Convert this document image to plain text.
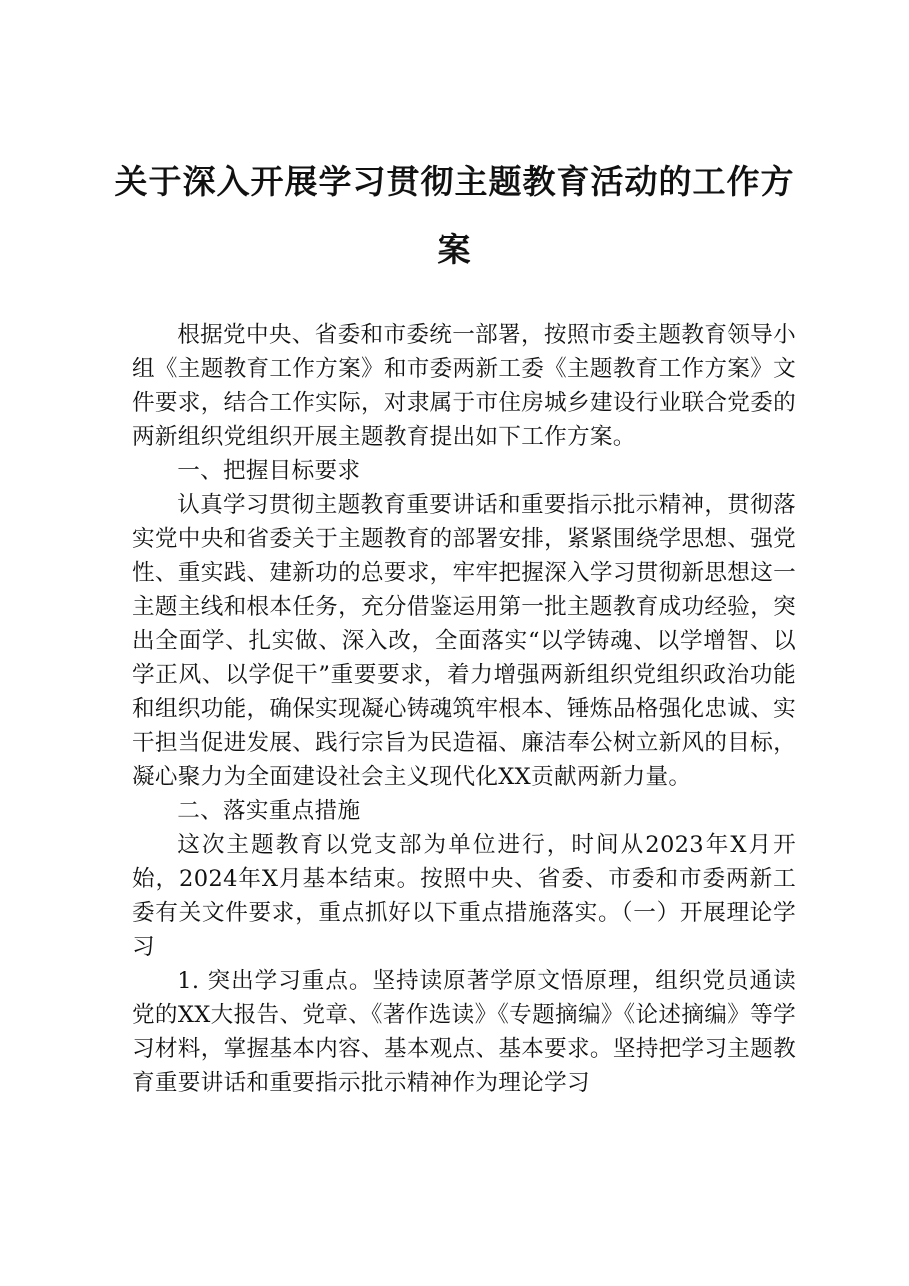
关于深入开展学习贯彻主题教育活动的工作方
案

根据党中央、省委和市委统一部署，按照市委主题教育领导小组《主题教育工作方案》和市委两新工委《主题教育工作方案》文件要求，结合工作实际，对隶属于市住房城乡建设行业联合党委的两新组织党组织开展主题教育提出如下工作方案。

一、把握目标要求

认真学习贯彻主题教育重要讲话和重要指示批示精神，贯彻落实党中央和省委关于主题教育的部署安排，紧紧围绕学思想、强党性、重实践、建新功的总要求，牢牢把握深入学习贯彻新思想这一主题主线和根本任务，充分借鉴运用第一批主题教育成功经验，突出全面学、扎实做、深入改，全面落实“以学铸魂、以学增智、以学正风、以学促干”重要要求，着力增强两新组织党组织政治功能和组织功能，确保实现凝心铸魂筑牢根本、锤炼品格强化忠诚、实干担当促进发展、践行宗旨为民造福、廉洁奉公树立新风的目标，凝心聚力为全面建设社会主义现代化XX贡献两新力量。

二、落实重点措施

这次主题教育以党支部为单位进行，时间从2023年X月开始，2024年X月基本结束。按照中央、省委、市委和市委两新工委有关文件要求，重点抓好以下重点措施落实。（一）开展理论学习

1. 突出学习重点。坚持读原著学原文悟原理，组织党员通读党的XX大报告、党章、《著作选读》《专题摘编》《论述摘编》等学习材料，掌握基本内容、基本观点、基本要求。坚持把学习主题教育重要讲话和重要指示批示精神作为理论学习
